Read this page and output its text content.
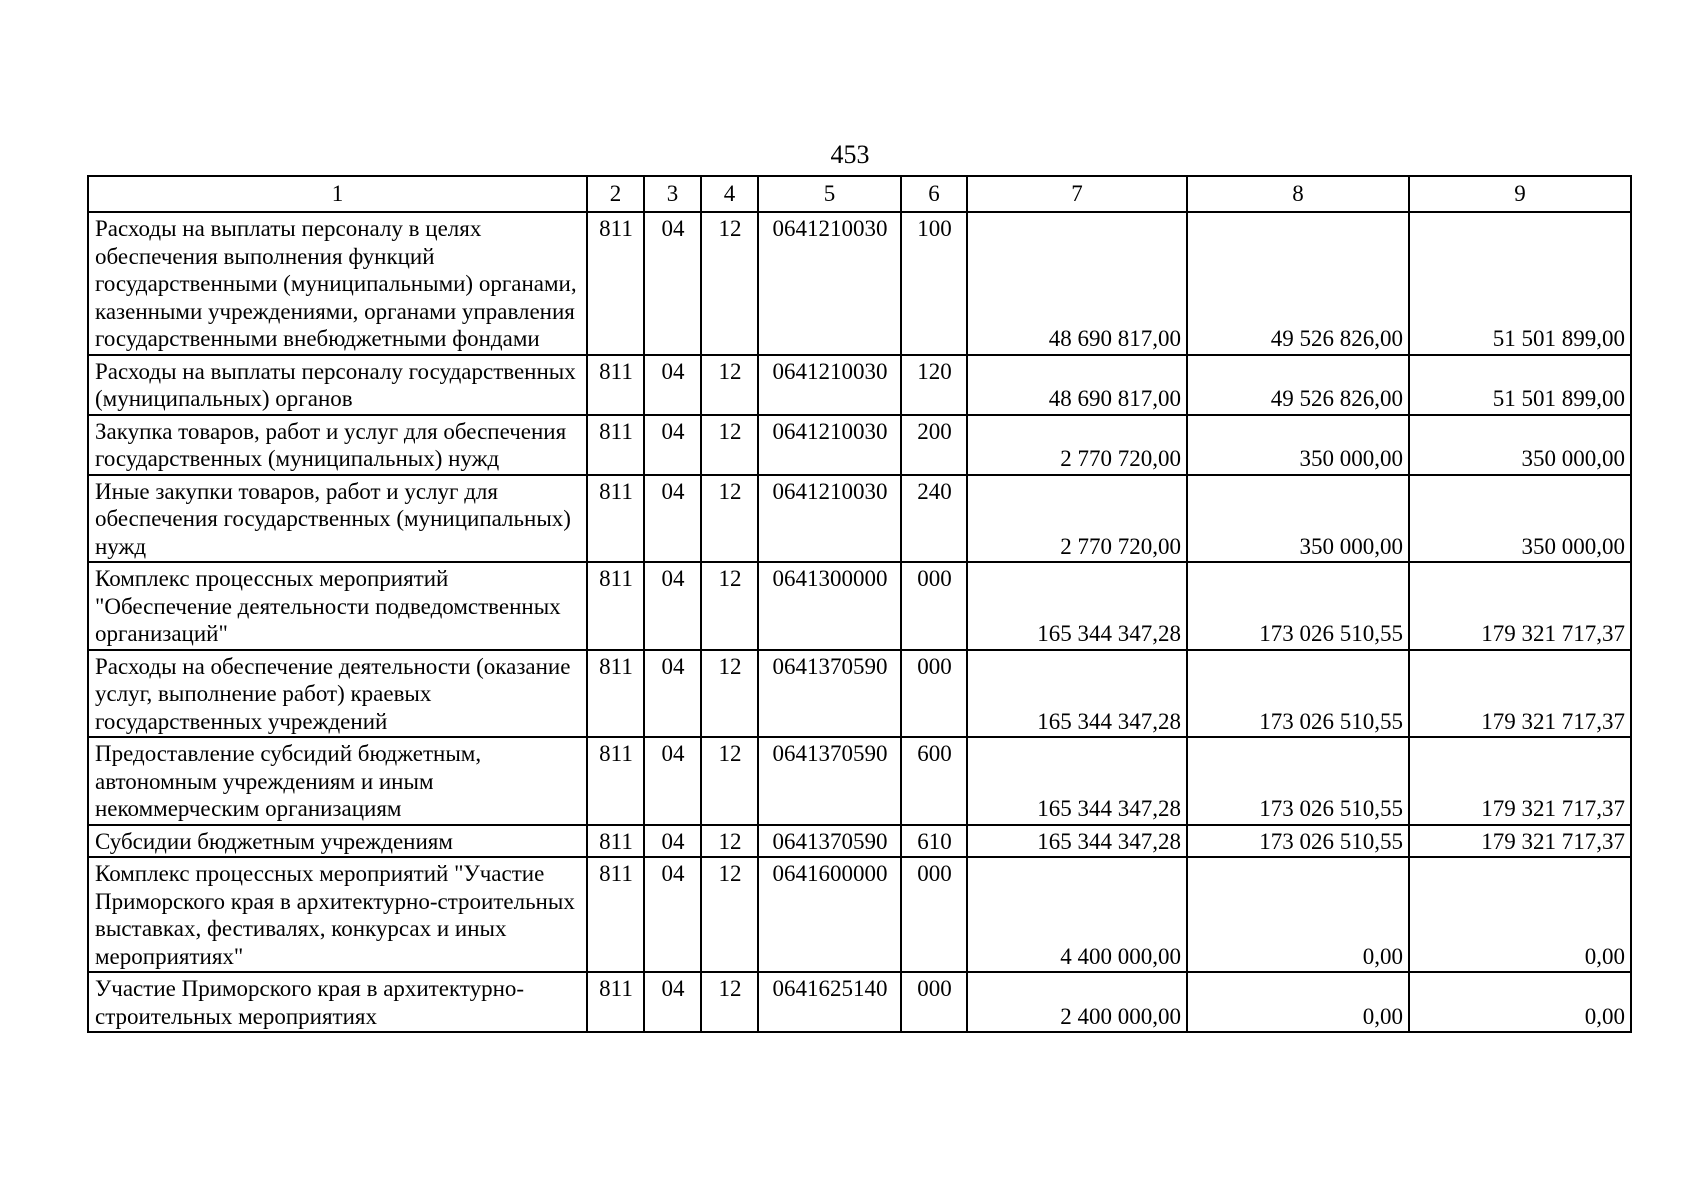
453
1	2	3	4	5	6	7	8	9
Расходы на выплаты персоналу в целях обеспечения выполнения функций государственными (муниципальными) органами, казенными учреждениями, органами управления государственными внебюджетными фондами	811	04	12	0641210030	100	48 690 817,00	49 526 826,00	51 501 899,00
Расходы на выплаты персоналу государственных (муниципальных) органов	811	04	12	0641210030	120	48 690 817,00	49 526 826,00	51 501 899,00
Закупка товаров, работ и услуг для обеспечения государственных (муниципальных) нужд	811	04	12	0641210030	200	2 770 720,00	350 000,00	350 000,00
Иные закупки товаров, работ и услуг для обеспечения государственных (муниципальных) нужд	811	04	12	0641210030	240	2 770 720,00	350 000,00	350 000,00
Комплекс процессных мероприятий "Обеспечение деятельности подведомственных организаций"	811	04	12	0641300000	000	165 344 347,28	173 026 510,55	179 321 717,37
Расходы на обеспечение деятельности (оказание услуг, выполнение работ) краевых государственных учреждений	811	04	12	0641370590	000	165 344 347,28	173 026 510,55	179 321 717,37
Предоставление субсидий бюджетным, автономным учреждениям и иным некоммерческим организациям	811	04	12	0641370590	600	165 344 347,28	173 026 510,55	179 321 717,37
Субсидии бюджетным учреждениям	811	04	12	0641370590	610	165 344 347,28	173 026 510,55	179 321 717,37
Комплекс процессных мероприятий "Участие Приморского края в архитектурно-строительных выставках, фестивалях, конкурсах и иных мероприятиях"	811	04	12	0641600000	000	4 400 000,00	0,00	0,00
Участие Приморского края в архитектурно-строительных мероприятиях	811	04	12	0641625140	000	2 400 000,00	0,00	0,00
